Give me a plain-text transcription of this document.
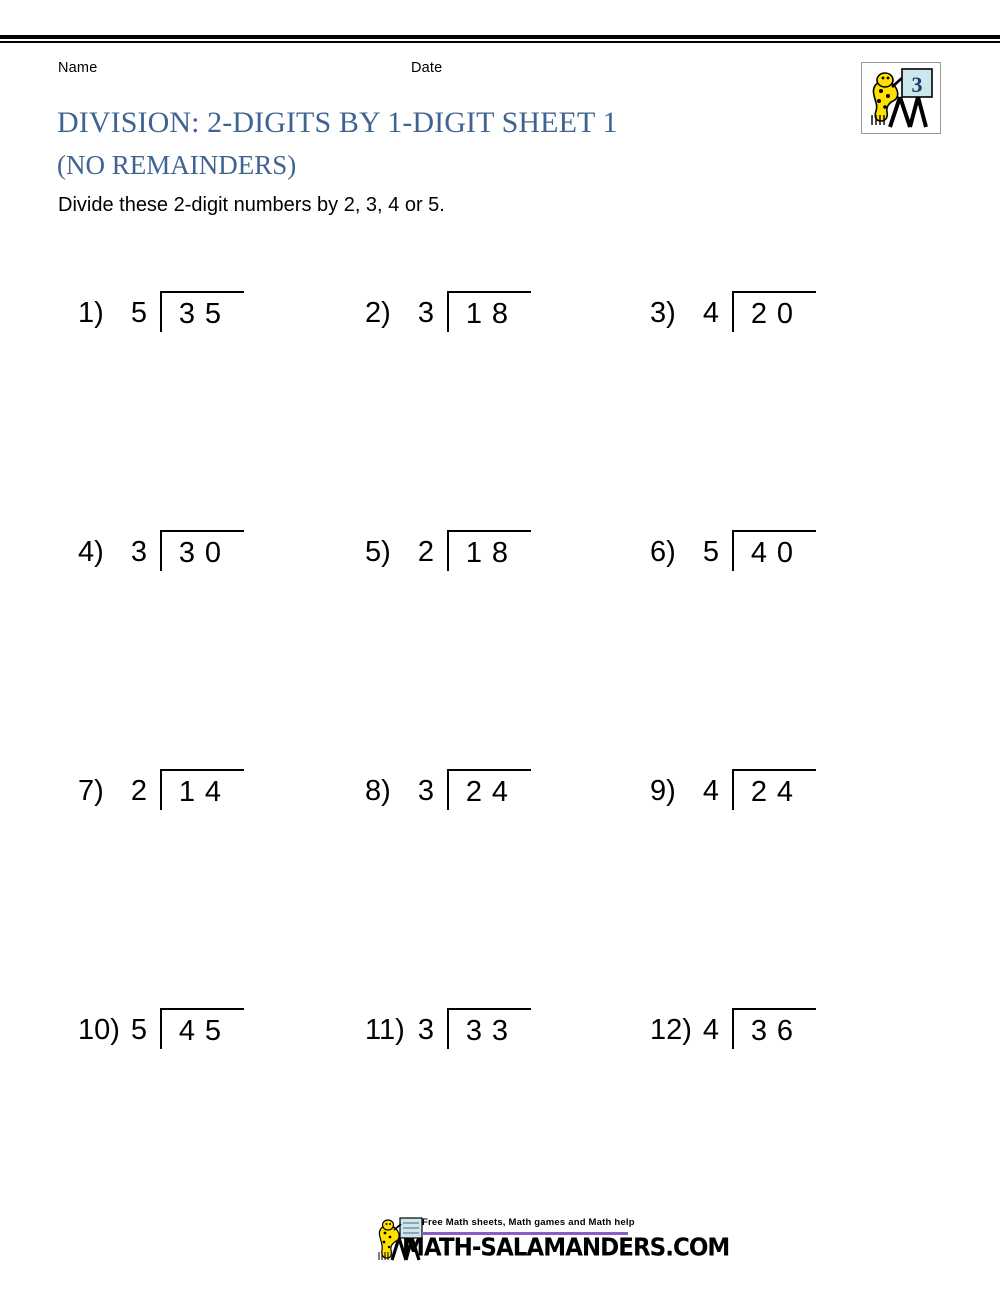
Name	Date
3
DIVISION: 2-DIGITS BY 1-DIGIT SHEET 1
(NO REMAINDERS)
Divide these 2-digit numbers by 2, 3, 4 or 5.
1) 5	3 5	2) 3	1 8	3) 4	2 0
4) 3	3 0	5) 2	1 8	6) 5	4 0
7) 2	1 4	8) 3	2 4	9) 4	2 4
10) 5	4 5	11) 3	3 3	12) 4	3 6
Free Math sheets, Math games and Math help
MATH-SALAMANDERS.COM
